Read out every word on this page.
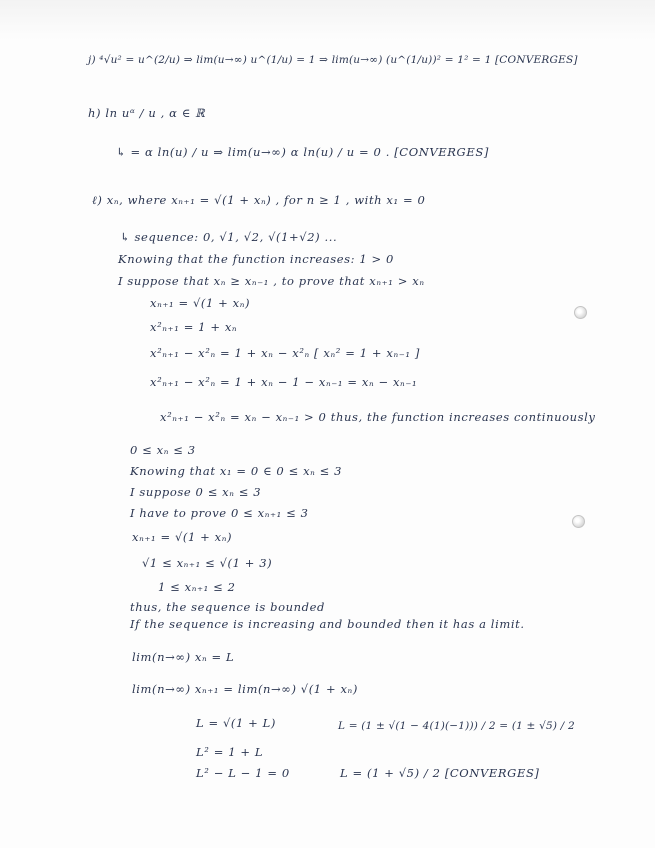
j) ⁴√u² = u^(2/u) ⇒ lim(u→∞) u^(1/u) = 1 ⇒ lim(u→∞) (u^(1/u))² = 1² = 1 [CONVERGES]
h) ln uᵅ / u , α ∈ ℝ
↳ = α ln(u) / u ⇒ lim(u→∞) α ln(u) / u = 0 . [CONVERGES]
ℓ) xₙ, where xₙ₊₁ = √(1 + xₙ) , for n ≥ 1 , with x₁ = 0
↳ sequence: 0, √1, √2, √(1+√2) ...
Knowing that the function increases: 1 > 0
I suppose that xₙ ≥ xₙ₋₁ , to prove that xₙ₊₁ > xₙ
xₙ₊₁ = √(1 + xₙ)
x²ₙ₊₁ = 1 + xₙ
x²ₙ₊₁ − x²ₙ = 1 + xₙ − x²ₙ [ xₙ² = 1 + xₙ₋₁ ]
x²ₙ₊₁ − x²ₙ = 1 + xₙ − 1 − xₙ₋₁ = xₙ − xₙ₋₁
x²ₙ₊₁ − x²ₙ = xₙ − xₙ₋₁ > 0 thus, the function increases continuously
0 ≤ xₙ ≤ 3
Knowing that x₁ = 0 ∈ 0 ≤ xₙ ≤ 3
I suppose 0 ≤ xₙ ≤ 3
I have to prove 0 ≤ xₙ₊₁ ≤ 3
xₙ₊₁ = √(1 + xₙ)
√1 ≤ xₙ₊₁ ≤ √(1 + 3)
1 ≤ xₙ₊₁ ≤ 2
thus, the sequence is bounded
If the sequence is increasing and bounded then it has a limit.
lim(n→∞) xₙ = L
lim(n→∞) xₙ₊₁ = lim(n→∞) √(1 + xₙ)
L = √(1 + L)	L = (1 ± √(1 − 4(1)(−1))) / 2 = (1 ± √5) / 2
L² = 1 + L
L² − L − 1 = 0	L = (1 + √5) / 2 [CONVERGES]
